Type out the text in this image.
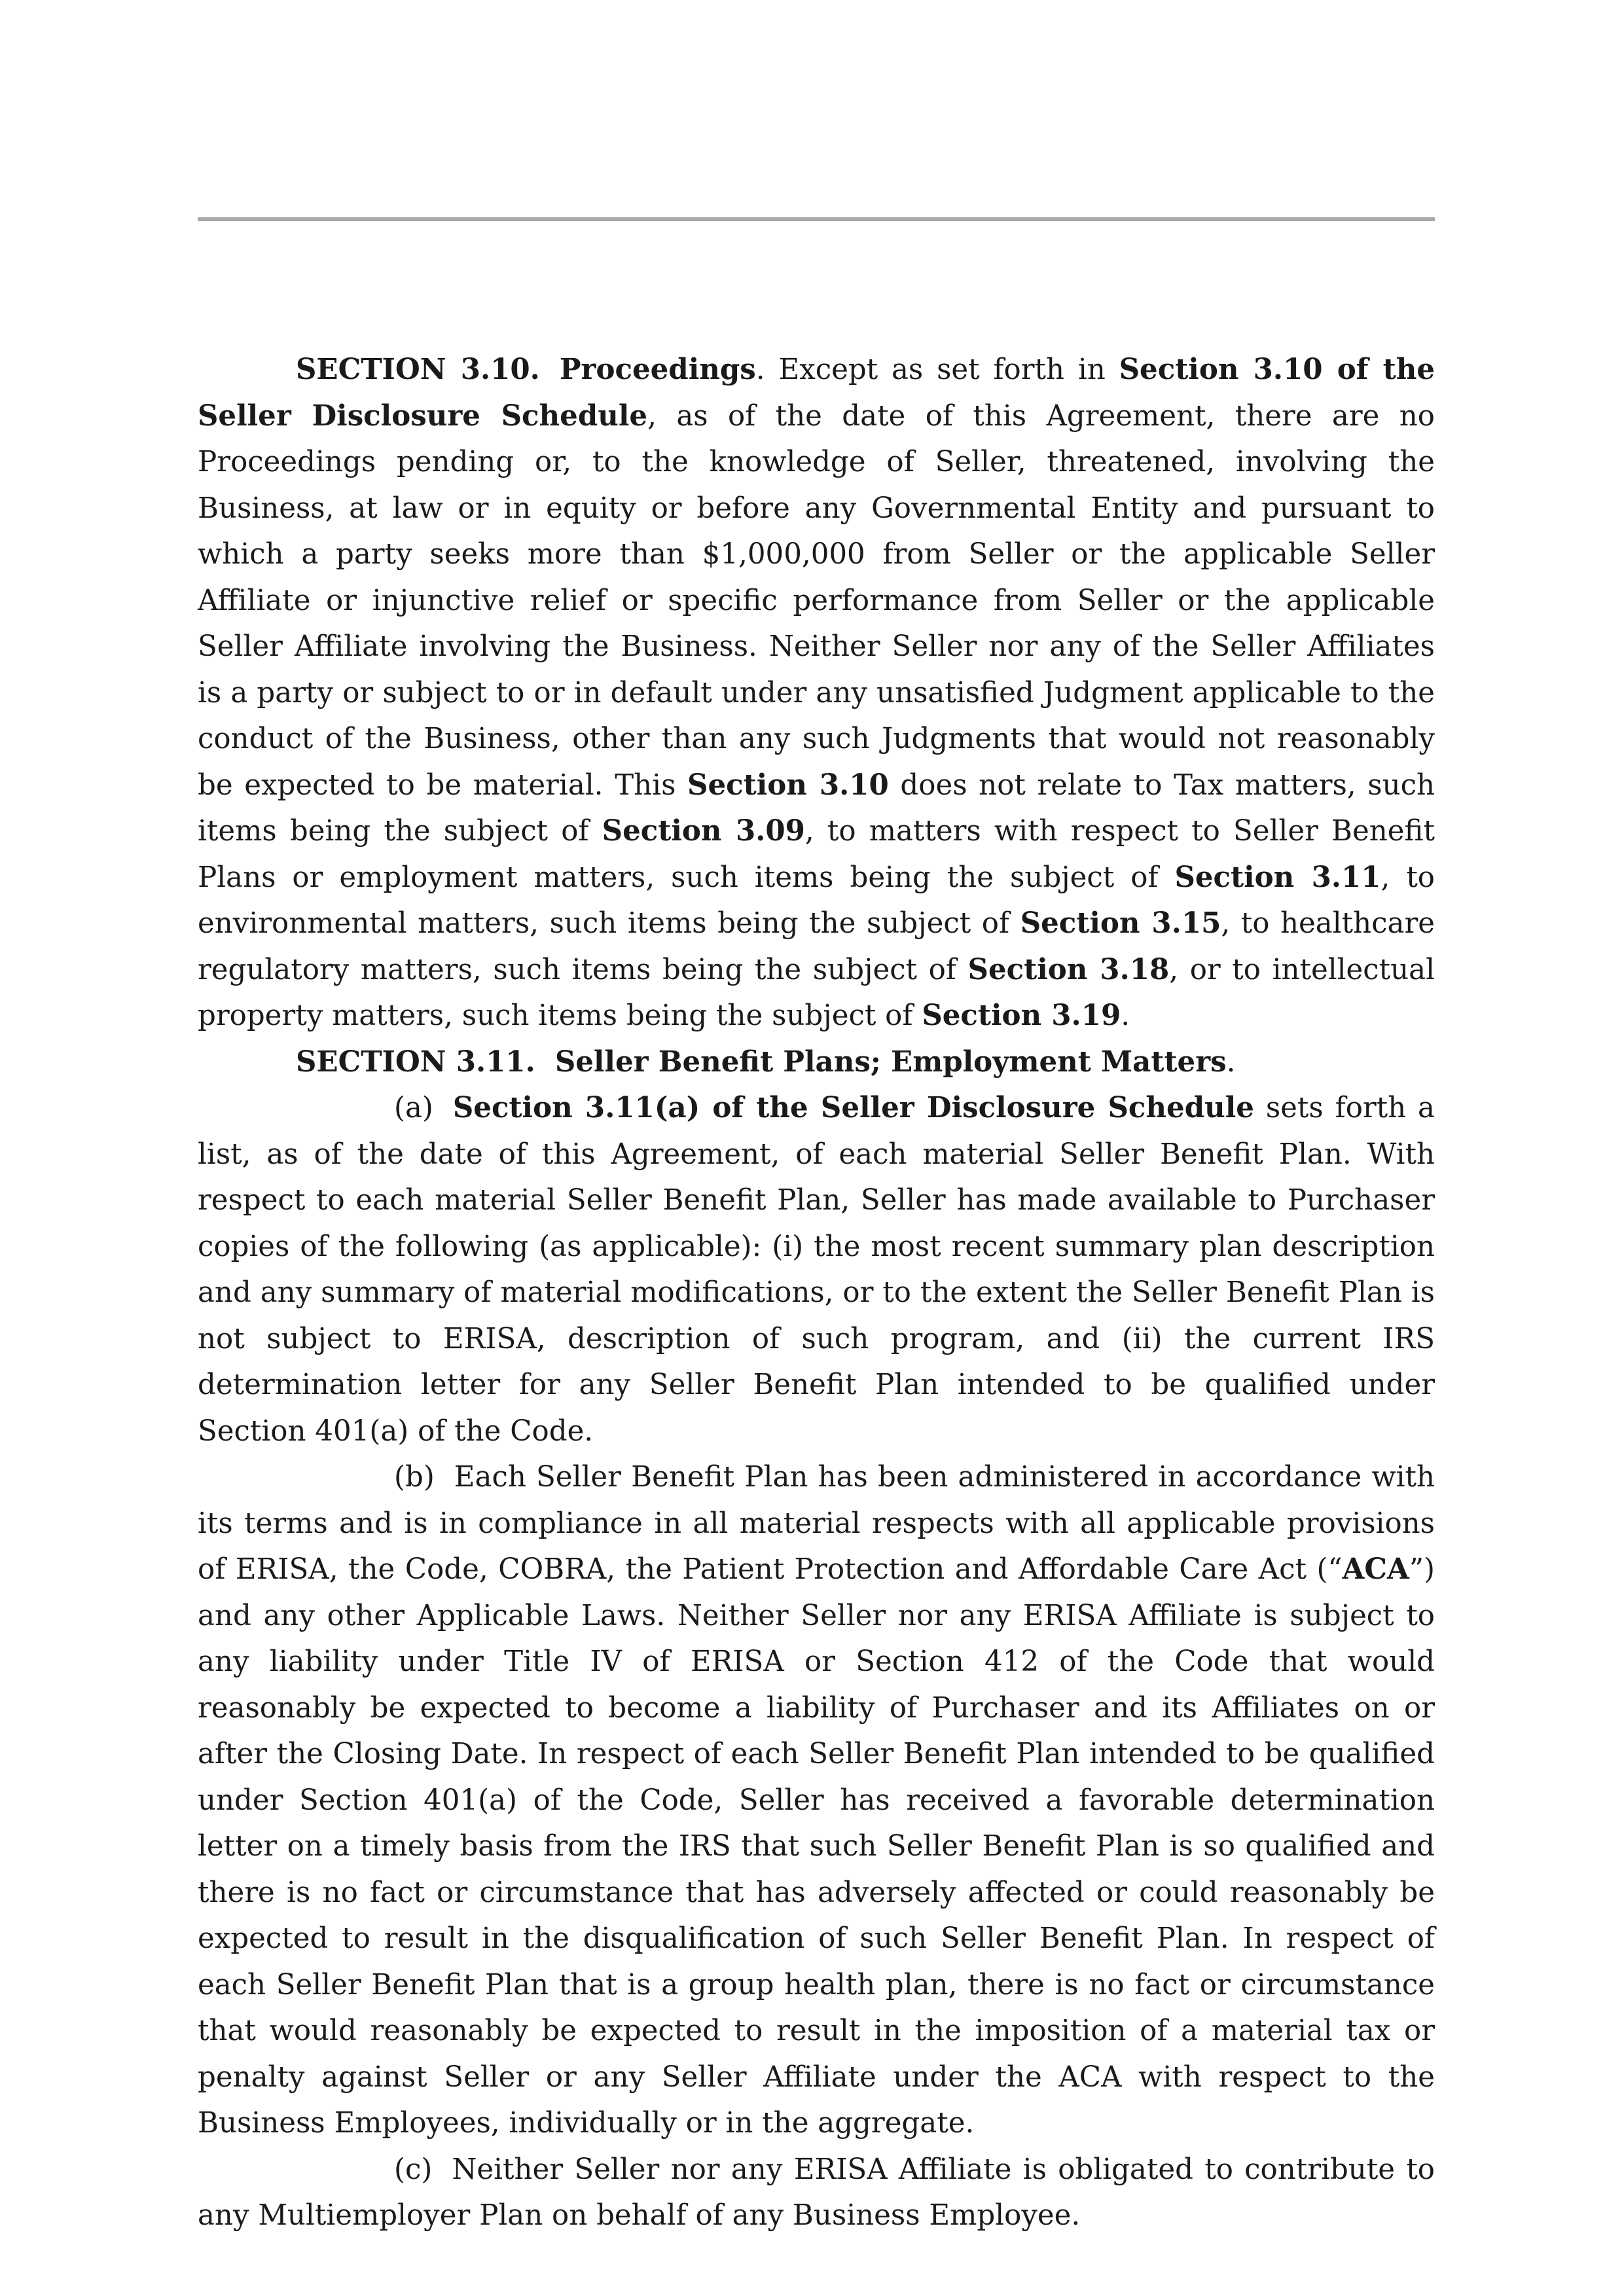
SECTION 3.10. Proceedings. Except as set forth in Section 3.10 of the Seller Disclosure Schedule, as of the date of this Agreement, there are no Proceedings pending or, to the knowledge of Seller, threatened, involving the Business, at law or in equity or before any Governmental Entity and pursuant to which a party seeks more than $1,000,000 from Seller or the applicable Seller Affiliate or injunctive relief or specific performance from Seller or the applicable Seller Affiliate involving the Business. Neither Seller nor any of the Seller Affiliates is a party or subject to or in default under any unsatisfied Judgment applicable to the conduct of the Business, other than any such Judgments that would not reasonably be expected to be material. This Section 3.10 does not relate to Tax matters, such items being the subject of Section 3.09, to matters with respect to Seller Benefit Plans or employment matters, such items being the subject of Section 3.11, to environmental matters, such items being the subject of Section 3.15, to healthcare regulatory matters, such items being the subject of Section 3.18, or to intellectual property matters, such items being the subject of Section 3.19.

SECTION 3.11. Seller Benefit Plans; Employment Matters.

(a) Section 3.11(a) of the Seller Disclosure Schedule sets forth a list, as of the date of this Agreement, of each material Seller Benefit Plan. With respect to each material Seller Benefit Plan, Seller has made available to Purchaser copies of the following (as applicable): (i) the most recent summary plan description and any summary of material modifications, or to the extent the Seller Benefit Plan is not subject to ERISA, description of such program, and (ii) the current IRS determination letter for any Seller Benefit Plan intended to be qualified under Section 401(a) of the Code.

(b) Each Seller Benefit Plan has been administered in accordance with its terms and is in compliance in all material respects with all applicable provisions of ERISA, the Code, COBRA, the Patient Protection and Affordable Care Act (“ACA”) and any other Applicable Laws. Neither Seller nor any ERISA Affiliate is subject to any liability under Title IV of ERISA or Section 412 of the Code that would reasonably be expected to become a liability of Purchaser and its Affiliates on or after the Closing Date. In respect of each Seller Benefit Plan intended to be qualified under Section 401(a) of the Code, Seller has received a favorable determination letter on a timely basis from the IRS that such Seller Benefit Plan is so qualified and there is no fact or circumstance that has adversely affected or could reasonably be expected to result in the disqualification of such Seller Benefit Plan. In respect of each Seller Benefit Plan that is a group health plan, there is no fact or circumstance that would reasonably be expected to result in the imposition of a material tax or penalty against Seller or any Seller Affiliate under the ACA with respect to the Business Employees, individually or in the aggregate.

(c) Neither Seller nor any ERISA Affiliate is obligated to contribute to any Multiemployer Plan on behalf of any Business Employee.
